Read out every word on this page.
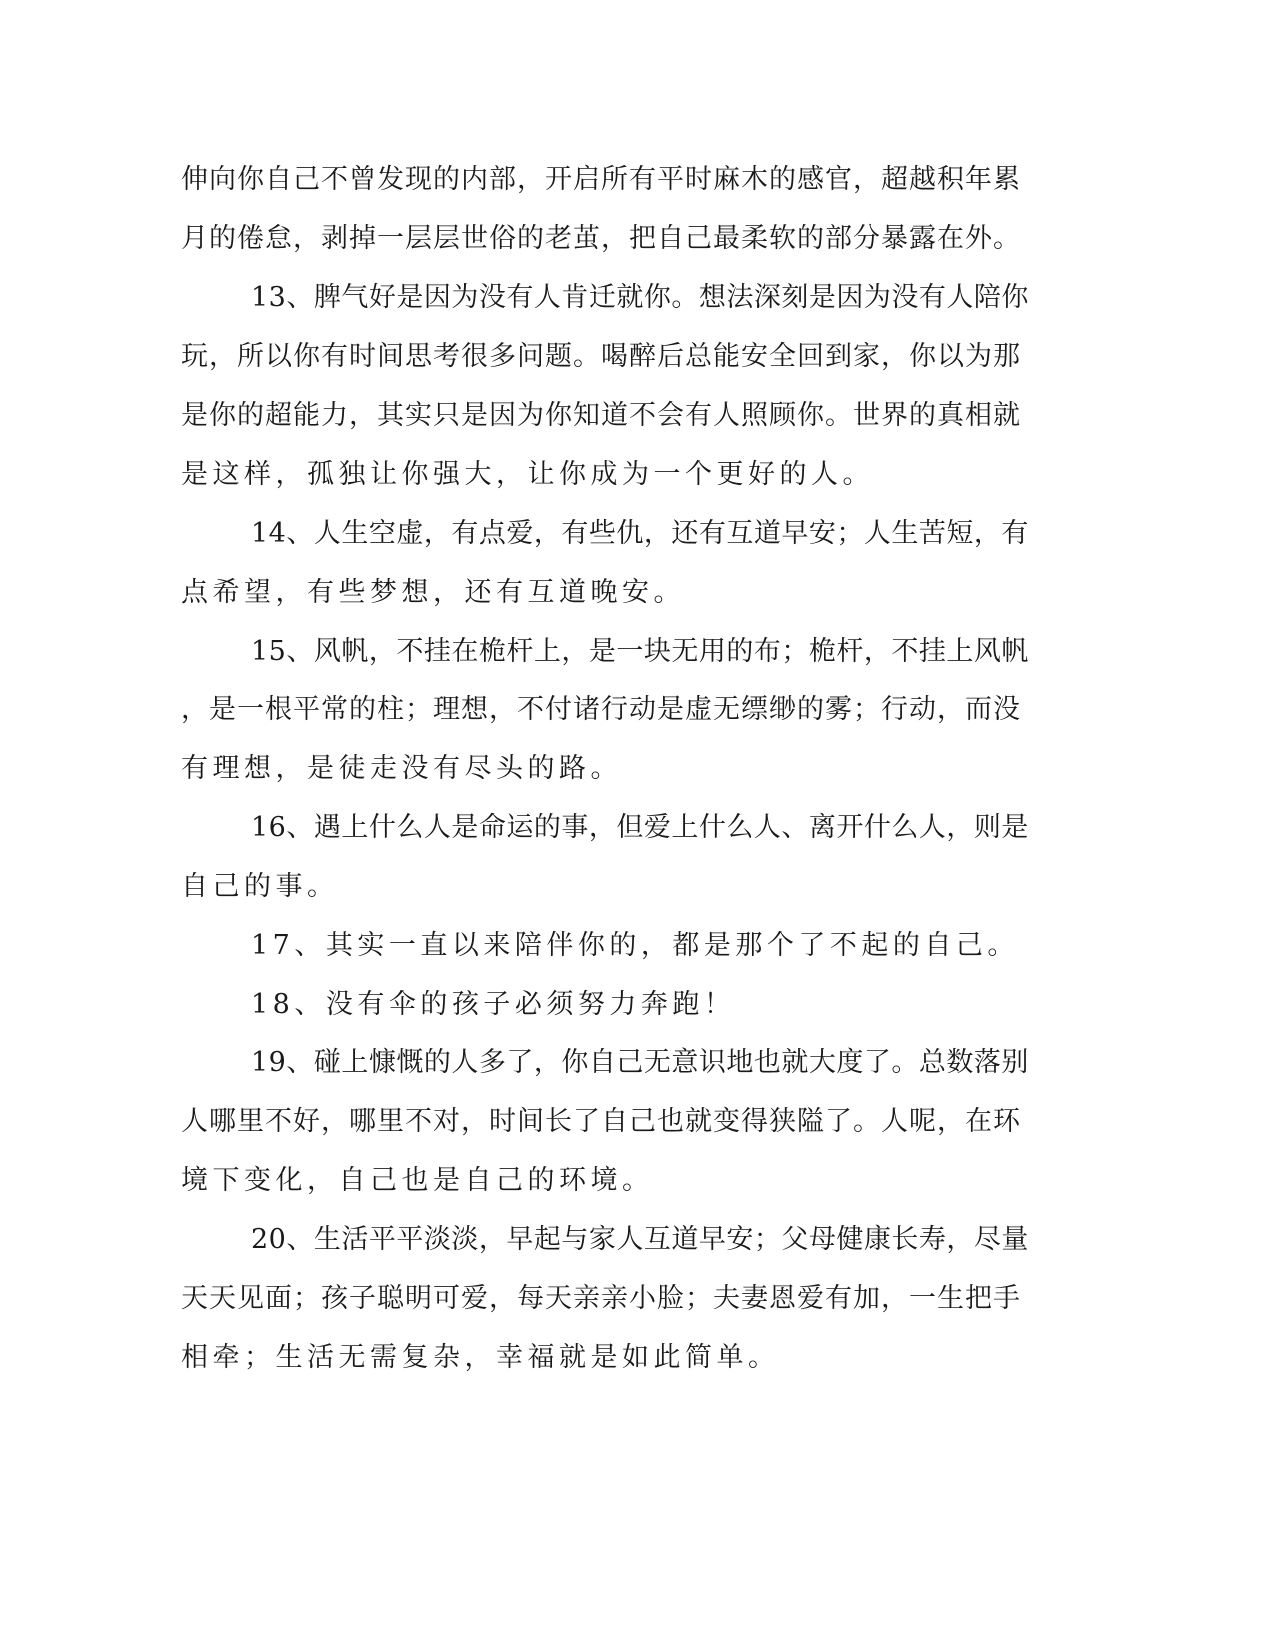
伸向你自己不曾发现的内部，开启所有平时麻木的感官，超越积年累
月的倦怠，剥掉一层层世俗的老茧，把自己最柔软的部分暴露在外。
13、脾气好是因为没有人肯迁就你。想法深刻是因为没有人陪你
玩，所以你有时间思考很多问题。喝醉后总能安全回到家，你以为那
是你的超能力，其实只是因为你知道不会有人照顾你。世界的真相就
是这样，孤独让你强大，让你成为一个更好的人。
14、人生空虚，有点爱，有些仇，还有互道早安；人生苦短，有
点希望，有些梦想，还有互道晚安。
15、风帆，不挂在桅杆上，是一块无用的布；桅杆，不挂上风帆
，是一根平常的柱；理想，不付诸行动是虚无缥缈的雾；行动，而没
有理想，是徒走没有尽头的路。
16、遇上什么人是命运的事，但爱上什么人、离开什么人，则是
自己的事。
17、其实一直以来陪伴你的，都是那个了不起的自己。
18、没有伞的孩子必须努力奔跑！
19、碰上慷慨的人多了，你自己无意识地也就大度了。总数落别
人哪里不好，哪里不对，时间长了自己也就变得狭隘了。人呢，在环
境下变化，自己也是自己的环境。
20、生活平平淡淡，早起与家人互道早安；父母健康长寿，尽量
天天见面；孩子聪明可爱，每天亲亲小脸；夫妻恩爱有加，一生把手
相牵；生活无需复杂，幸福就是如此简单。
